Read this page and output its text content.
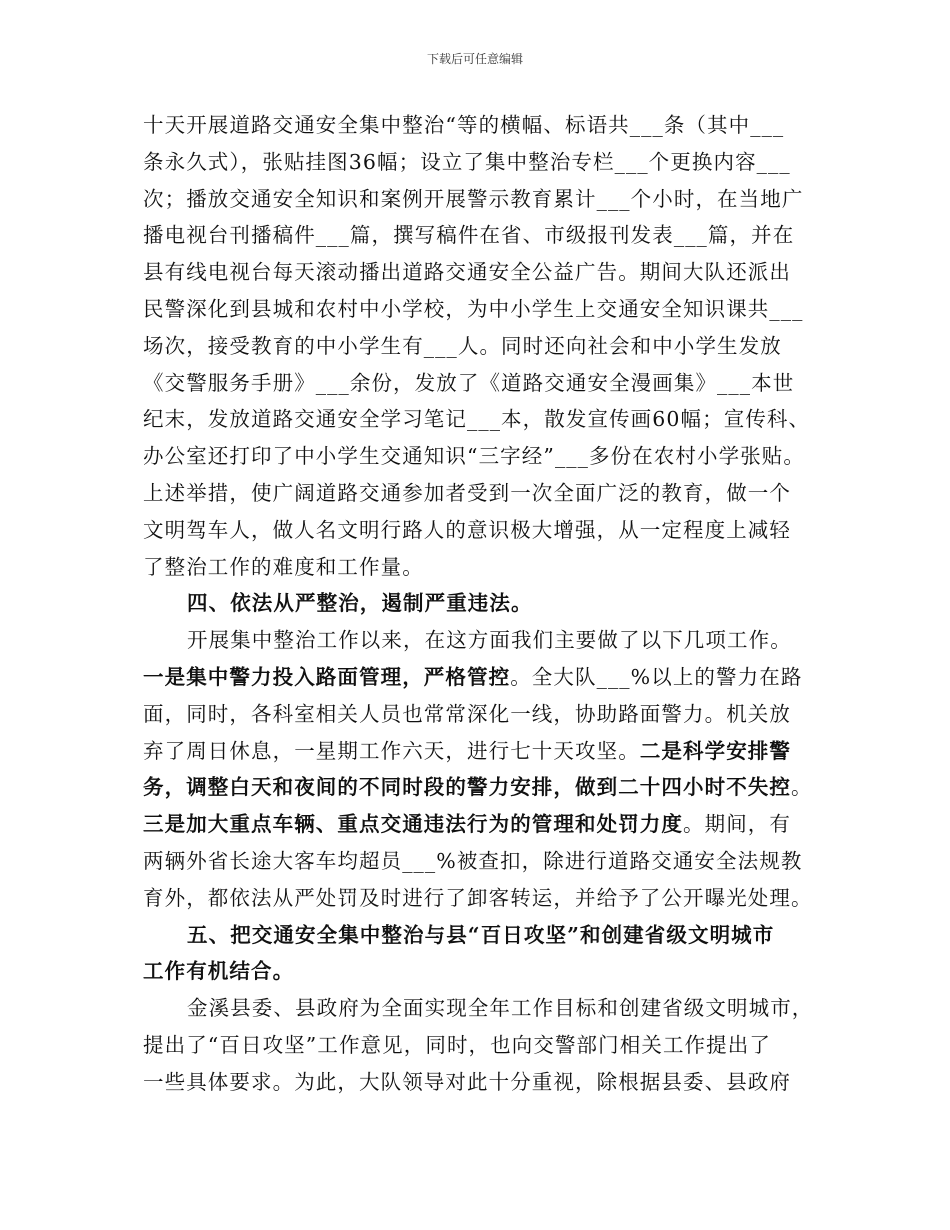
下载后可任意编辑
十天开展道路交通安全集中整治“等的横幅、标语共___条（其中___
条永久式），张贴挂图36幅；设立了集中整治专栏___个更换内容___
次；播放交通安全知识和案例开展警示教育累计___个小时，在当地广
播电视台刊播稿件___篇，撰写稿件在省、市级报刊发表___篇，并在
县有线电视台每天滚动播出道路交通安全公益广告。期间大队还派出
民警深化到县城和农村中小学校，为中小学生上交通安全知识课共___
场次，接受教育的中小学生有___人。同时还向社会和中小学生发放
《交警服务手册》___余份，发放了《道路交通安全漫画集》___本世
纪末，发放道路交通安全学习笔记___本，散发宣传画60幅；宣传科、
办公室还打印了中小学生交通知识“三字经”___多份在农村小学张贴。
上述举措，使广阔道路交通参加者受到一次全面广泛的教育，做一个
文明驾车人，做人名文明行路人的意识极大增强，从一定程度上减轻
了整治工作的难度和工作量。
四、依法从严整治，遏制严重违法。
开展集中整治工作以来，在这方面我们主要做了以下几项工作。
一是集中警力投入路面管理，严格管控。全大队___%以上的警力在路
面，同时，各科室相关人员也常常深化一线，协助路面警力。机关放
弃了周日休息，一星期工作六天，进行七十天攻坚。二是科学安排警
务，调整白天和夜间的不同时段的警力安排，做到二十四小时不失控。
三是加大重点车辆、重点交通违法行为的管理和处罚力度。期间，有
两辆外省长途大客车均超员___%被查扣，除进行道路交通安全法规教
育外，都依法从严处罚及时进行了卸客转运，并给予了公开曝光处理。
五、把交通安全集中整治与县“百日攻坚”和创建省级文明城市
工作有机结合。
金溪县委、县政府为全面实现全年工作目标和创建省级文明城市，
提出了“百日攻坚”工作意见，同时，也向交警部门相关工作提出了
一些具体要求。为此，大队领导对此十分重视，除根据县委、县政府
